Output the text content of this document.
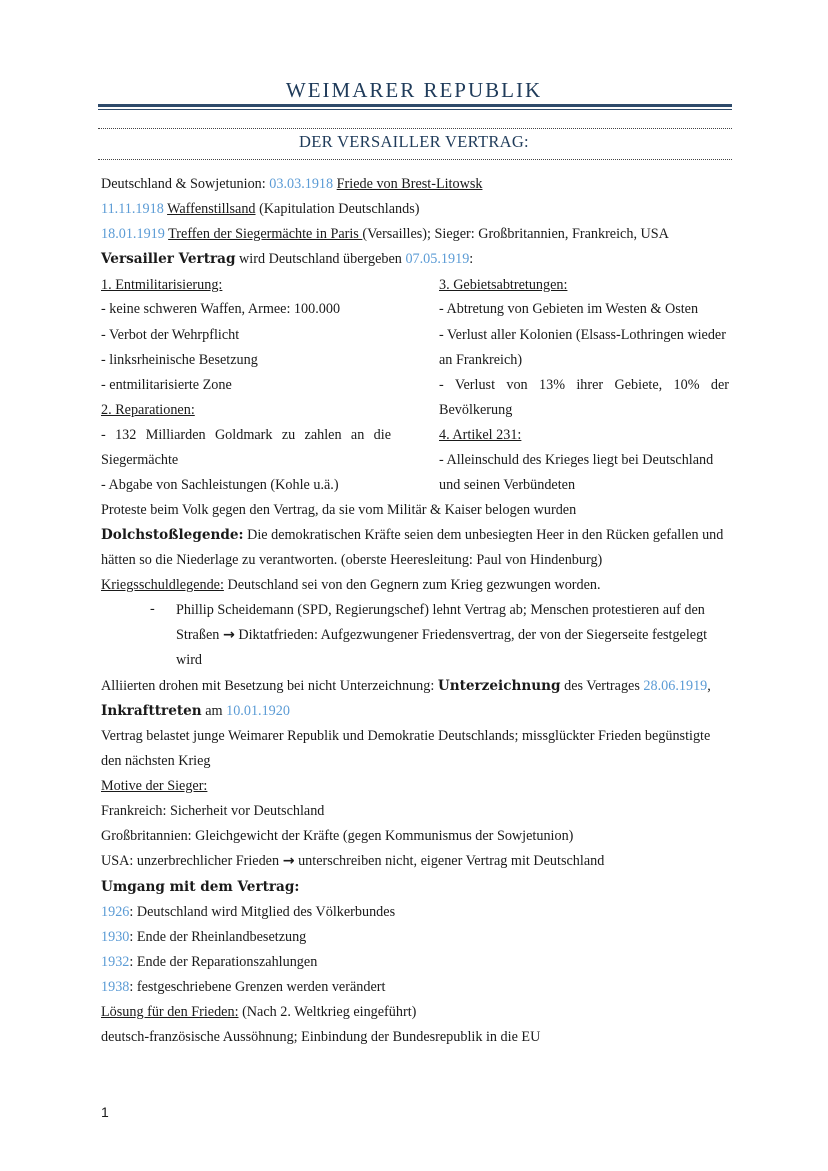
WEIMARER REPUBLIK
DER VERSAILLER VERTRAG:
Deutschland & Sowjetunion: 03.03.1918 Friede von Brest-Litowsk
11.11.1918 Waffenstillsand (Kapitulation Deutschlands)
18.01.1919 Treffen der Siegermächte in Paris (Versailles); Sieger: Großbritannien, Frankreich, USA
Versailler Vertrag wird Deutschland übergeben 07.05.1919:
1. Entmilitarisierung:
- keine schweren Waffen, Armee: 100.000
- Verbot der Wehrpflicht
- linksrheinische Besetzung
- entmilitarisierte Zone
2. Reparationen:
- 132 Milliarden Goldmark zu zahlen an die
Siegermächte
- Abgabe von Sachleistungen (Kohle u.ä.)
3. Gebietsabtretungen:
- Abtretung von Gebieten im Westen & Osten
- Verlust aller Kolonien (Elsass-Lothringen wieder
an Frankreich)
- Verlust von 13% ihrer Gebiete, 10% der
Bevölkerung
4. Artikel 231:
- Alleinschuld des Krieges liegt bei Deutschland
und seinen Verbündeten
Proteste beim Volk gegen den Vertrag, da sie vom Militär & Kaiser belogen wurden
Dolchstoßlegende: Die demokratischen Kräfte seien dem unbesiegten Heer in den Rücken gefallen und
hätten so die Niederlage zu verantworten. (oberste Heeresleitung: Paul von Hindenburg)
Kriegsschuldlegende: Deutschland sei von den Gegnern zum Krieg gezwungen worden.
- Phillip Scheidemann (SPD, Regierungschef) lehnt Vertrag ab; Menschen protestieren auf den
Straßen → Diktatfrieden: Aufgezwungener Friedensvertrag, der von der Siegerseite festgelegt
wird
Alliierten drohen mit Besetzung bei nicht Unterzeichnung: Unterzeichnung des Vertrages 28.06.1919,
Inkrafttreten am 10.01.1920
Vertrag belastet junge Weimarer Republik und Demokratie Deutschlands; missglückter Frieden begünstigte
den nächsten Krieg
Motive der Sieger:
Frankreich: Sicherheit vor Deutschland
Großbritannien: Gleichgewicht der Kräfte (gegen Kommunismus der Sowjetunion)
USA: unzerbrechlicher Frieden → unterschreiben nicht, eigener Vertrag mit Deutschland
Umgang mit dem Vertrag:
1926: Deutschland wird Mitglied des Völkerbundes
1930: Ende der Rheinlandbesetzung
1932: Ende der Reparationszahlungen
1938: festgeschriebene Grenzen werden verändert
Lösung für den Frieden: (Nach 2. Weltkrieg eingeführt)
deutsch-französische Aussöhnung; Einbindung der Bundesrepublik in die EU
1
